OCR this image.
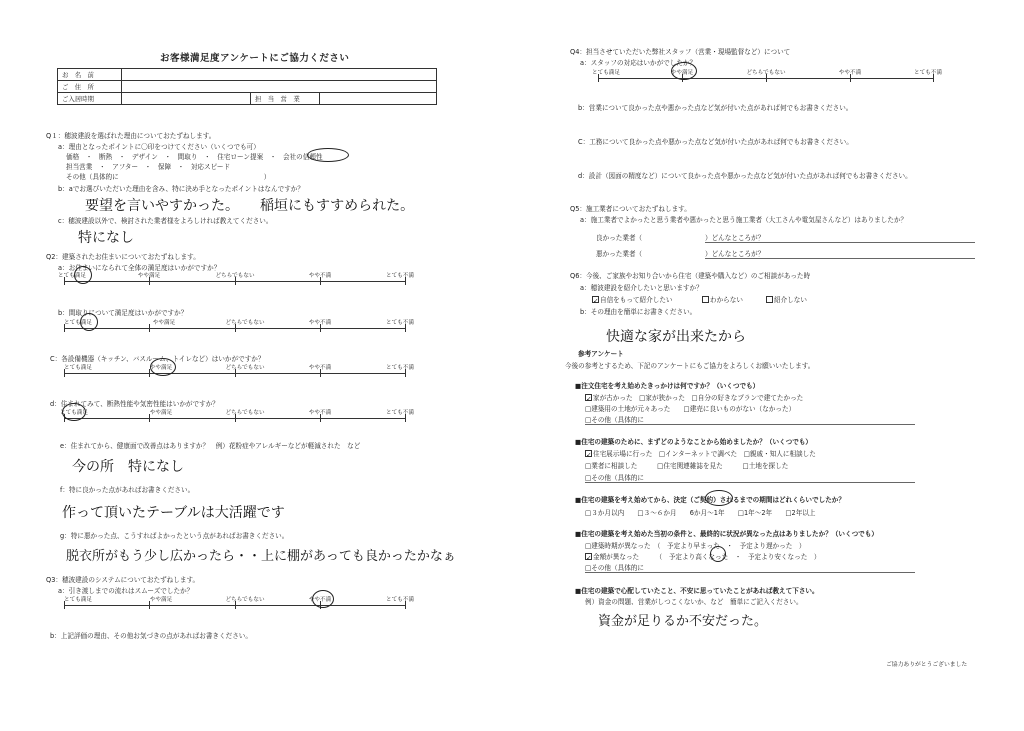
お客様満足度アンケートにご協力ください
お　名　前			
ご　住　所			
ご入居時期		担　当　営　業	
Q１：穂波建設を選ばれた理由についておたずねします。
a：理由となったポイントに〇印をつけてください（いくつでも可）
価格　・　断熱　・　デザイン　・　間取り　・　住宅ローン提案　・　会社の信頼性
担当営業　・　アフター　・　保障　・　対応スピード
その他（具体的に　　　　　　　　　　　　　　　　　　　　　　）
b：aでお選びいただいた理由を含み、特に決め手となったポイントはなんですか？
要望を言いやすかった。　　稲垣にもすすめられた。
c：穂波建設以外で、検討された業者様をよろしければ教えてください。
特になし
Q2：建築されたお住まいについておたずねします。
a：お住まいになられて全体の満足度はいかがですか？
とても満足	やや満足	どちらでもない	やや不満	とても不満
b：間取りについて満足度はいかがですか？
とても満足	やや満足	どちらでもない	やや不満	とても不満
C：各設備機器（キッチン、バスルーム、トイレなど）はいかがですか？
とても満足	やや満足	どちらでもない	やや不満	とても不満
d：住まれてみて、断熱性能や気密性能はいかがですか？
とても満足	やや満足	どちらでもない	やや不満	とても不満
e：住まれてから、健康面で改善点はありますか？　例）花粉症やアレルギーなどが軽減された　など
今の所　特になし
f：特に良かった点があればお書きください。
作って頂いたテーブルは大活躍です
g：特に悪かった点、こうすればよかったという点があればお書きください。
脱衣所がもう少し広かったら・・上に棚があっても良かったかなぁ
Q3：穂波建設のシステムについておたずねします。
a：引き渡しまでの流れはスムーズでしたか？
とても満足	やや満足	どちらでもない	やや不満	とても不満
b：上記評価の理由、その他お気づきの点があればお書きください。
Q4：担当させていただいた弊社スタッフ（営業・現場監督など）について
a：スタッフの対応はいかがでしたか？
とても満足	やや満足	どちらでもない	やや不満	とても不満
b：営業について良かった点や悪かった点など気が付いた点があれば何でもお書きください。
C：工務について良かった点や悪かった点など気が付いた点があれば何でもお書きください。
d：設計（図面の精度など）について良かった点や悪かった点など気が付いた点があれば何でもお書きください。
Q5：施工業者についておたずねします。
a：施工業者でよかったと思う業者や悪かったと思う施工業者（大工さんや電気屋さんなど）はありましたか？
良かった業者（	）どんなところが？
悪かった業者（	）どんなところが？
Q6：今後、ご家族やお知り合いから住宅（建築や購入など）のご相談があった時
a：穂波建設を紹介したいと思いますか？
✓自信をもって紹介したい	わからない	紹介しない
b：その理由を簡単にお書きください。
快適な家が出来たから
参考アンケート
今後の参考とするため、下記のアンケートにもご協力をよろしくお願いいたします。
■注文住宅を考え始めたきっかけは何ですか？（いくつでも）
✓家が古かった　□家が狭かった　□自分の好きなプランで建てたかった
□建築用の土地が元々あった　　□建売に良いものがない（なかった）
□その他（具体的に
■住宅の建築のために、まずどのようなことから始めましたか？（いくつでも）
✓住宅展示場に行った　□インターネットで調べた　□親戚・知人に相談した
□業者に相談した　　　□住宅関連雑誌を見た　　　□土地を探した
□その他（具体的に
■住宅の建築を考え始めてから、決定（ご契約）されるまでの期間はどれくらいでしたか？
□３か月以内　　□３～６か月　　6か月～1年　　□1年～2年　　□2年以上
■住宅の建築を考え始めた当初の条件と、最終的に状況が異なった点はありましたか？（いくつでも）
□建築時期が異なった　（　予定より早まった　・　予定より遅かった　）
✓金額が異なった　　　（　予定より高くなった　・　予定より安くなった　）
□その他（具体的に
■住宅の建築で心配していたこと、不安に思っていたことがあれば教えて下さい。
例）資金の問題、営業がしつこくないか、など　簡単にご記入ください。
資金が足りるか不安だった。
ご協力ありがとうございました
